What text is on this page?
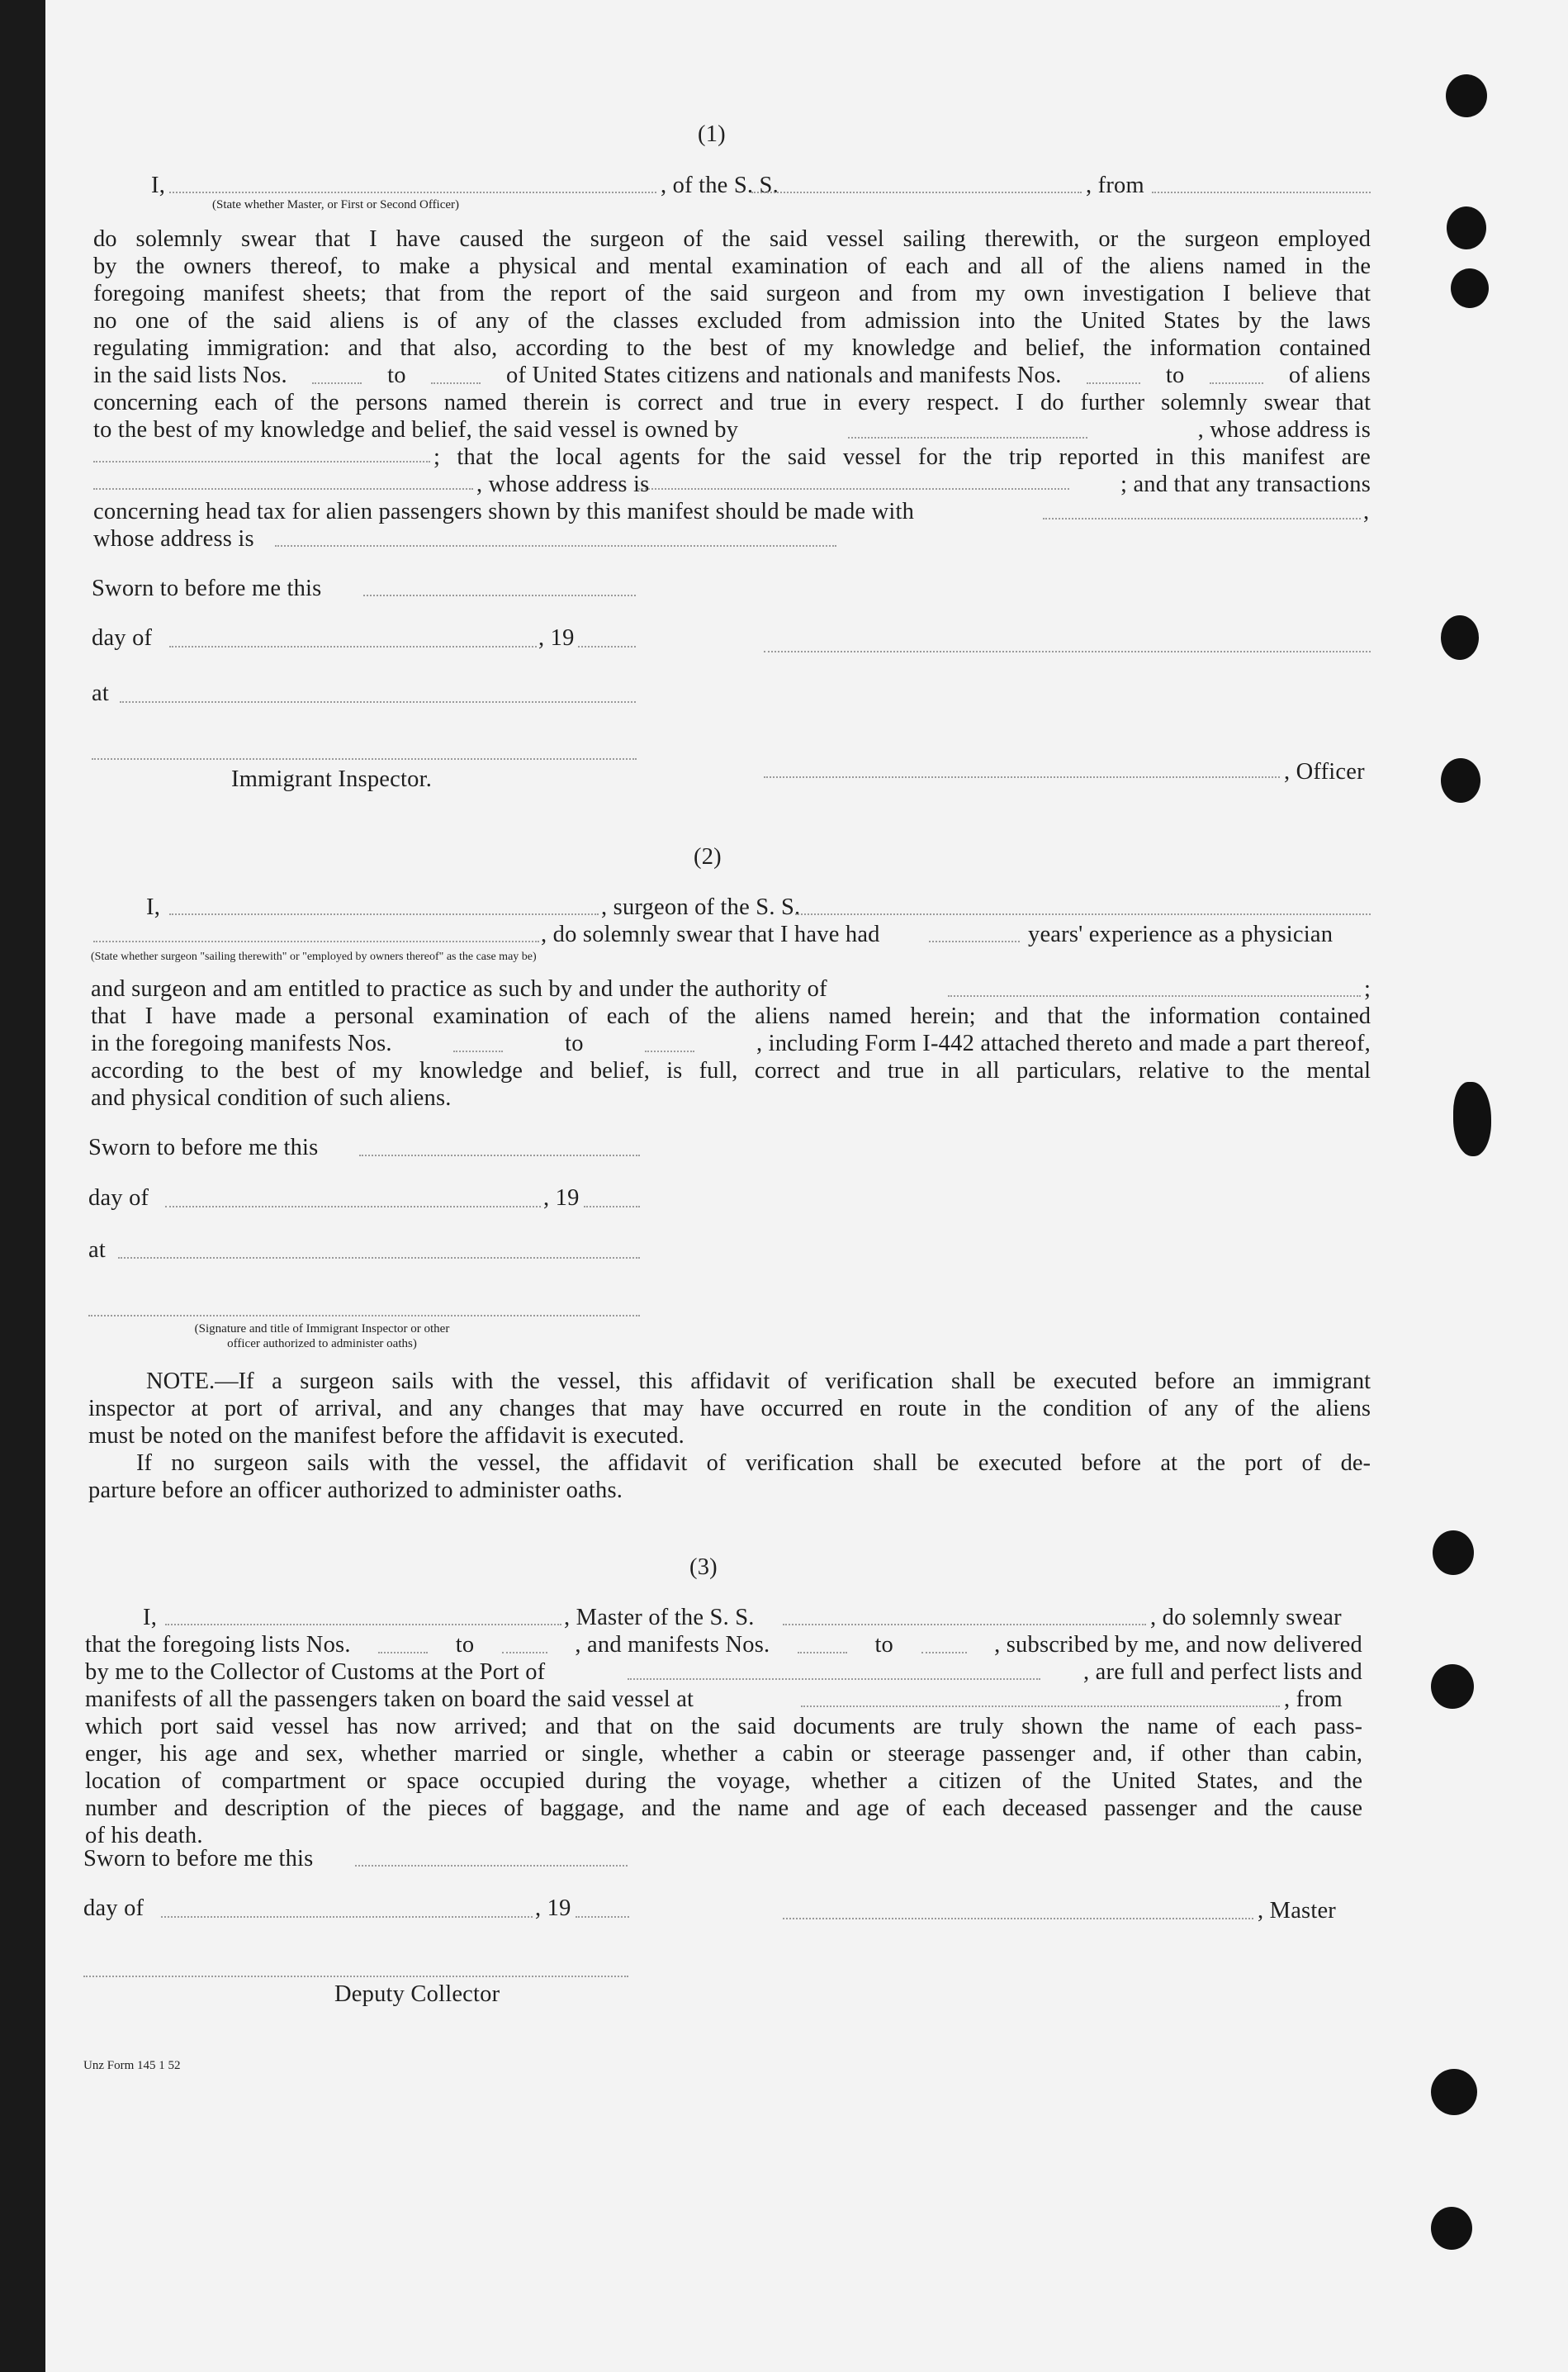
(1)
I,	, of the S. S.	, from
(State whether Master, or First or Second Officer)
do solemnly swear that I have caused the surgeon of the said vessel sailing therewith, or the surgeon employed
by the owners thereof, to make a physical and mental examination of each and all of the aliens named in the
foregoing manifest sheets; that from the report of the said surgeon and from my own investigation I believe that
no one of the said aliens is of any of the classes excluded from admission into the United States by the laws
regulating immigration: and that also, according to the best of my knowledge and belief, the information contained
in the said lists Nos.	to	of United States citizens and nationals and manifests Nos.	to	of aliens
concerning each of the persons named therein is correct and true in every respect. I do further solemnly swear that
to the best of my knowledge and belief, the said vessel is owned by	, whose address is
; that the local agents for the said vessel for the trip reported in this manifest are
, whose address is	; and that any transactions
concerning head tax for alien passengers shown by this manifest should be made with	,
whose address is
Sworn to before me this
day of	, 19
at
, Officer
Immigrant Inspector.
(2)
I,	, surgeon of the S. S.
, do solemnly swear that I have had	years' experience as a physician
(State whether surgeon "sailing therewith" or "employed by owners thereof" as the case may be)
and surgeon and am entitled to practice as such by and under the authority of	;
that I have made a personal examination of each of the aliens named herein; and that the information contained
in the foregoing manifests Nos.	to	, including Form I-442 attached thereto and made a part thereof,
according to the best of my knowledge and belief, is full, correct and true in all particulars, relative to the mental
and physical condition of such aliens.
Sworn to before me this
day of	, 19
at
(Signature and title of Immigrant Inspector or other
officer authorized to administer oaths)
NOTE.—If a surgeon sails with the vessel, this affidavit of verification shall be executed before an immigrant
inspector at port of arrival, and any changes that may have occurred en route in the condition of any of the aliens
must be noted on the manifest before the affidavit is executed.
If no surgeon sails with the vessel, the affidavit of verification shall be executed before at the port of de-
parture before an officer authorized to administer oaths.
(3)
I,	, Master of the S. S.	, do solemnly swear
that the foregoing lists Nos.	to	, and manifests Nos.	to	, subscribed by me, and now delivered
by me to the Collector of Customs at the Port of	, are full and perfect lists and
manifests of all the passengers taken on board the said vessel at	, from
which port said vessel has now arrived; and that on the said documents are truly shown the name of each pass-
enger, his age and sex, whether married or single, whether a cabin or steerage passenger and, if other than cabin,
location of compartment or space occupied during the voyage, whether a citizen of the United States, and the
number and description of the pieces of baggage, and the name and age of each deceased passenger and the cause
of his death.
Sworn to before me this
day of	, 19	, Master
Deputy Collector
Unz Form 145 1 52
